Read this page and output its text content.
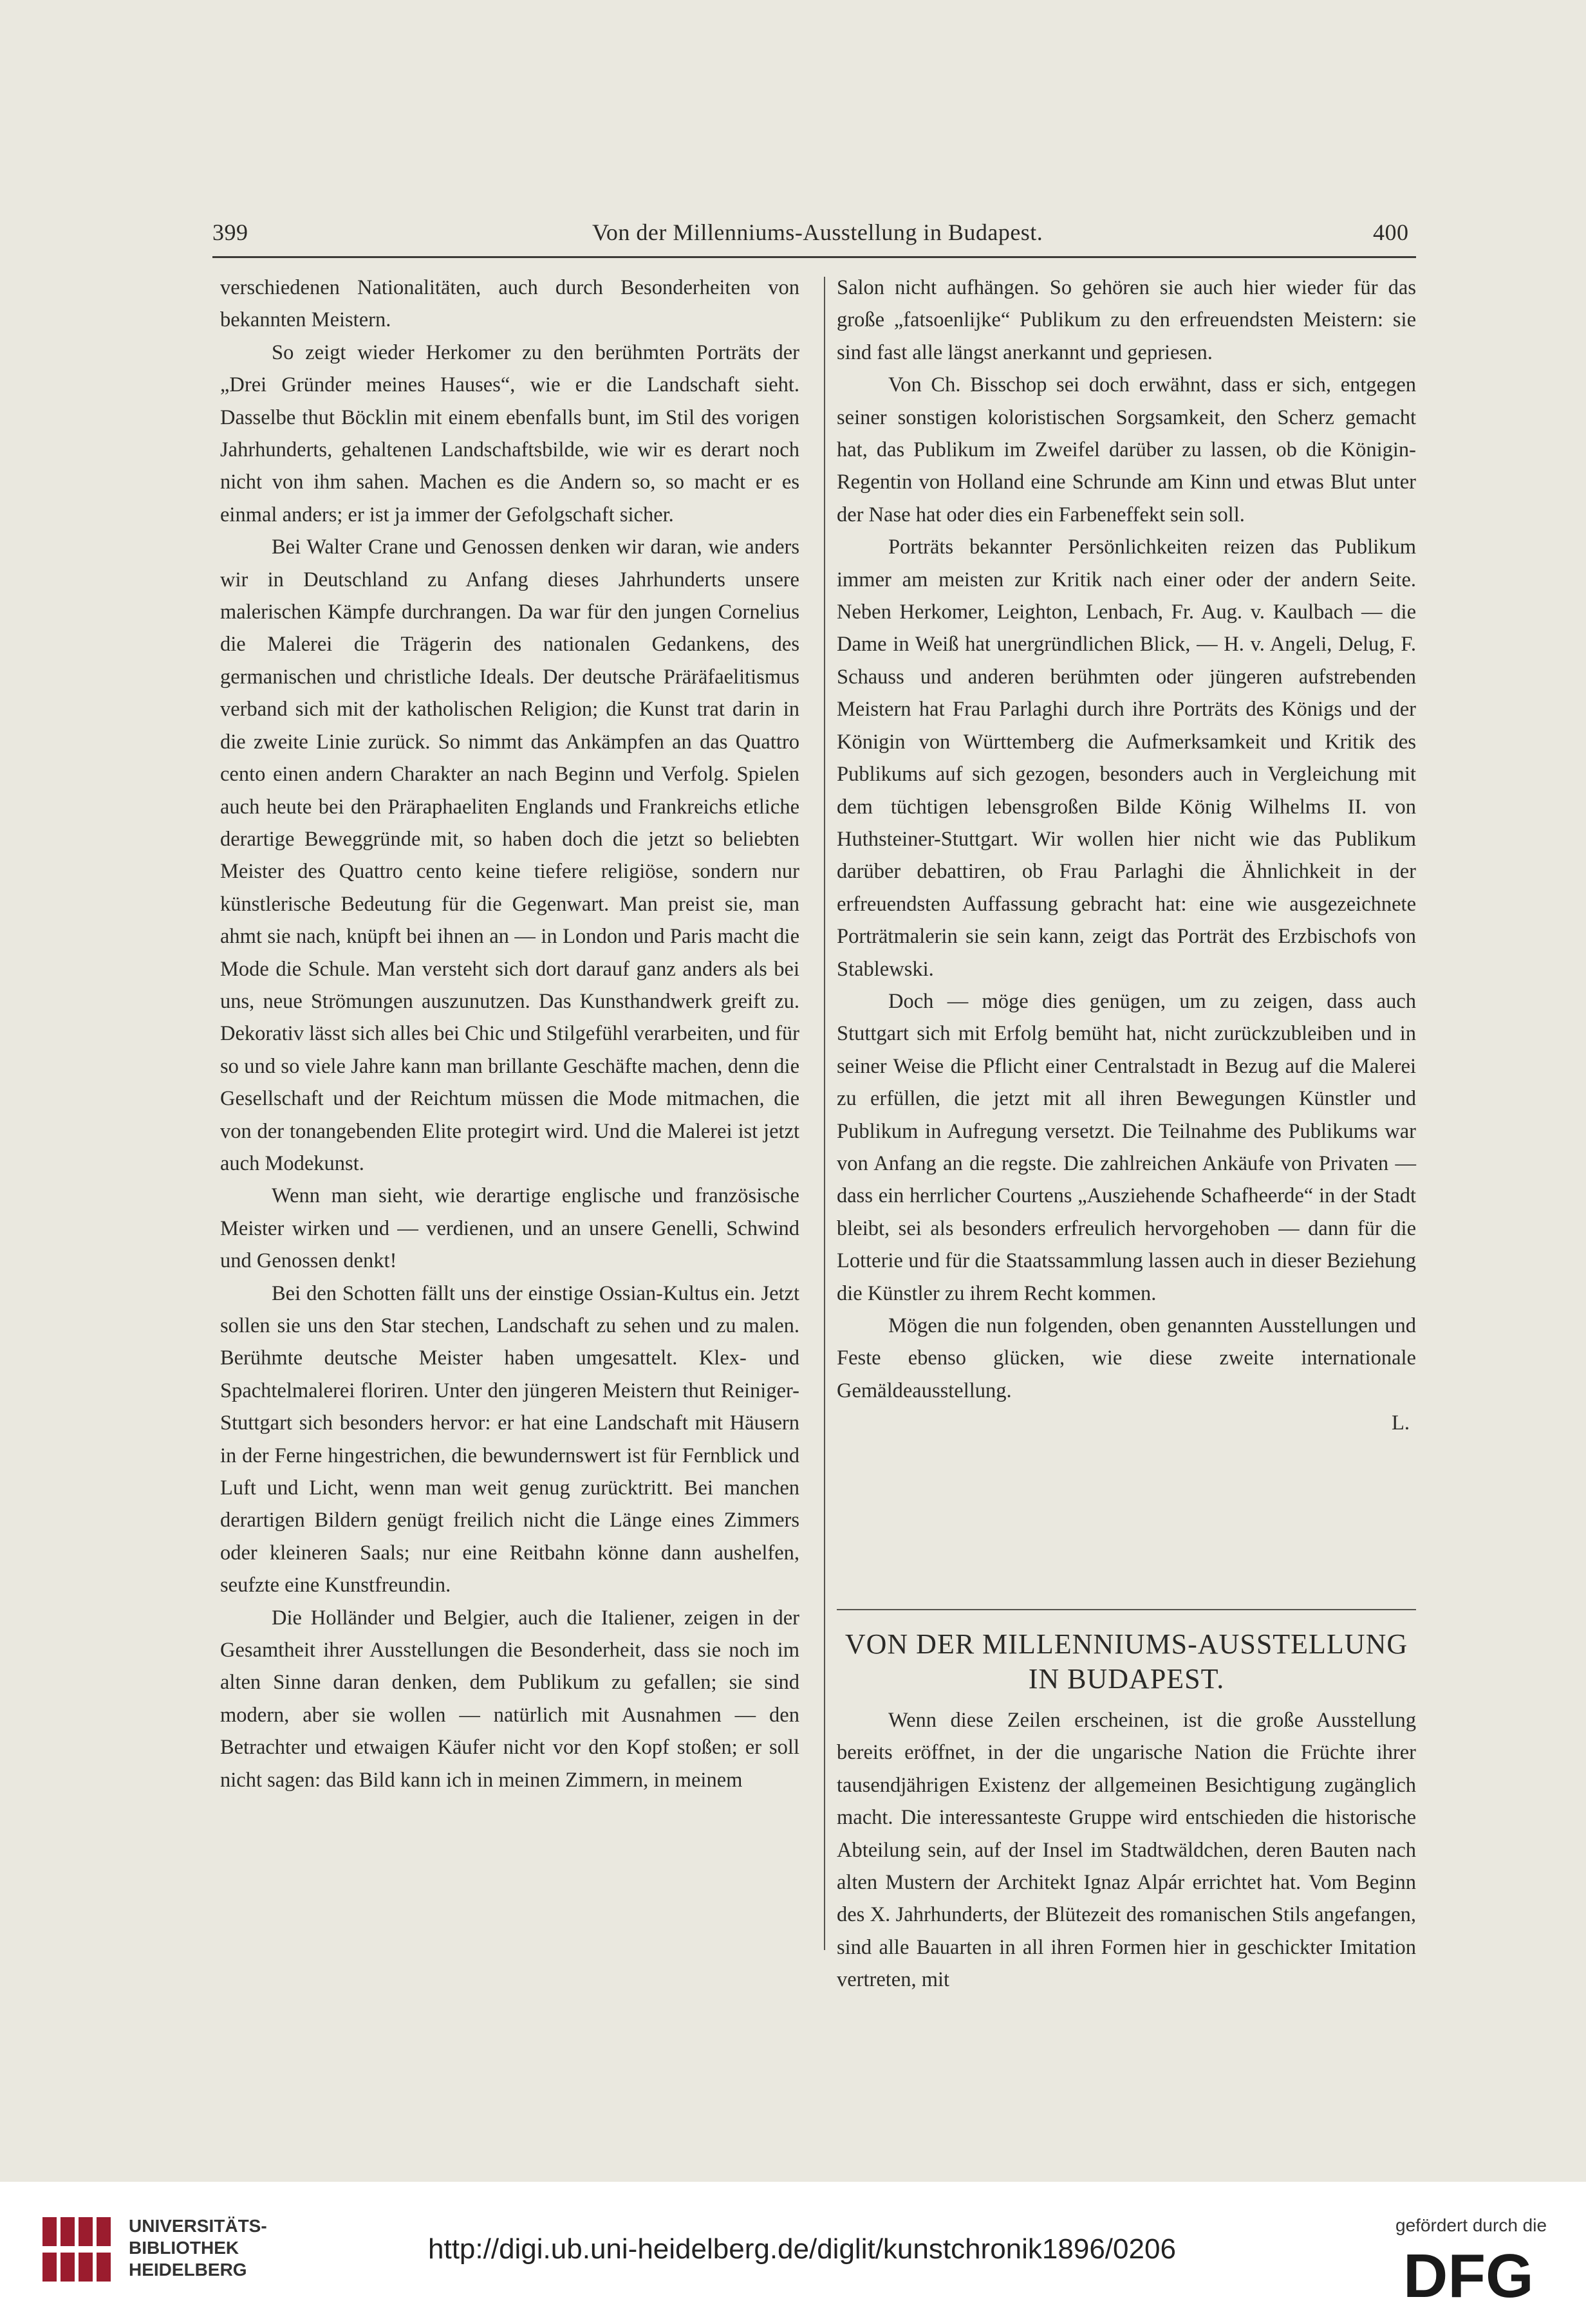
399	Von der Millenniums-Ausstellung in Budapest.	400

verschiedenen Nationalitäten, auch durch Besonderheiten von bekannten Meistern.

So zeigt wieder Herkomer zu den berühmten Porträts der „Drei Gründer meines Hauses“, wie er die Landschaft sieht. Dasselbe thut Böcklin mit einem ebenfalls bunt, im Stil des vorigen Jahrhunderts, gehaltenen Landschaftsbilde, wie wir es derart noch nicht von ihm sahen. Machen es die Andern so, so macht er es einmal anders; er ist ja immer der Gefolgschaft sicher.

Bei Walter Crane und Genossen denken wir daran, wie anders wir in Deutschland zu Anfang dieses Jahrhunderts unsere malerischen Kämpfe durchrangen. Da war für den jungen Cornelius die Malerei die Trägerin des nationalen Gedankens, des germanischen und christliche Ideals. Der deutsche Präräfaelitismus verband sich mit der katholischen Religion; die Kunst trat darin in die zweite Linie zurück. So nimmt das Ankämpfen an das Quattro cento einen andern Charakter an nach Beginn und Verfolg. Spielen auch heute bei den Präraphaeliten Englands und Frankreichs etliche derartige Beweggründe mit, so haben doch die jetzt so beliebten Meister des Quattro cento keine tiefere religiöse, sondern nur künstlerische Bedeutung für die Gegenwart. Man preist sie, man ahmt sie nach, knüpft bei ihnen an — in London und Paris macht die Mode die Schule. Man versteht sich dort darauf ganz anders als bei uns, neue Strömungen auszunutzen. Das Kunsthandwerk greift zu. Dekorativ lässt sich alles bei Chic und Stilgefühl verarbeiten, und für so und so viele Jahre kann man brillante Geschäfte machen, denn die Gesellschaft und der Reichtum müssen die Mode mitmachen, die von der tonangebenden Elite protegirt wird. Und die Malerei ist jetzt auch Modekunst.

Wenn man sieht, wie derartige englische und französische Meister wirken und — verdienen, und an unsere Genelli, Schwind und Genossen denkt!

Bei den Schotten fällt uns der einstige Ossian-Kultus ein. Jetzt sollen sie uns den Star stechen, Landschaft zu sehen und zu malen. Berühmte deutsche Meister haben umgesattelt. Klex- und Spachtelmalerei floriren. Unter den jüngeren Meistern thut Reiniger-Stuttgart sich besonders hervor: er hat eine Landschaft mit Häusern in der Ferne hingestrichen, die bewundernswert ist für Fernblick und Luft und Licht, wenn man weit genug zurücktritt. Bei manchen derartigen Bildern genügt freilich nicht die Länge eines Zimmers oder kleineren Saals; nur eine Reitbahn könne dann aushelfen, seufzte eine Kunstfreundin.

Die Holländer und Belgier, auch die Italiener, zeigen in der Gesamtheit ihrer Ausstellungen die Besonderheit, dass sie noch im alten Sinne daran denken, dem Publikum zu gefallen; sie sind modern, aber sie wollen — natürlich mit Ausnahmen — den Betrachter und etwaigen Käufer nicht vor den Kopf stoßen; er soll nicht sagen: das Bild kann ich in meinen Zimmern, in meinem

Salon nicht aufhängen. So gehören sie auch hier wieder für das große „fatsoenlijke“ Publikum zu den erfreuendsten Meistern: sie sind fast alle längst anerkannt und gepriesen.

Von Ch. Bisschop sei doch erwähnt, dass er sich, entgegen seiner sonstigen koloristischen Sorgsamkeit, den Scherz gemacht hat, das Publikum im Zweifel darüber zu lassen, ob die Königin-Regentin von Holland eine Schrunde am Kinn und etwas Blut unter der Nase hat oder dies ein Farbeneffekt sein soll.

Porträts bekannter Persönlichkeiten reizen das Publikum immer am meisten zur Kritik nach einer oder der andern Seite. Neben Herkomer, Leighton, Lenbach, Fr. Aug. v. Kaulbach — die Dame in Weiß hat unergründlichen Blick, — H. v. Angeli, Delug, F. Schauss und anderen berühmten oder jüngeren aufstrebenden Meistern hat Frau Parlaghi durch ihre Porträts des Königs und der Königin von Württemberg die Aufmerksamkeit und Kritik des Publikums auf sich gezogen, besonders auch in Vergleichung mit dem tüchtigen lebensgroßen Bilde König Wilhelms II. von Huthsteiner-Stuttgart. Wir wollen hier nicht wie das Publikum darüber debattiren, ob Frau Parlaghi die Ähnlichkeit in der erfreuendsten Auffassung gebracht hat: eine wie ausgezeichnete Porträtmalerin sie sein kann, zeigt das Porträt des Erzbischofs von Stablewski.

Doch — möge dies genügen, um zu zeigen, dass auch Stuttgart sich mit Erfolg bemüht hat, nicht zurückzubleiben und in seiner Weise die Pflicht einer Centralstadt in Bezug auf die Malerei zu erfüllen, die jetzt mit all ihren Bewegungen Künstler und Publikum in Aufregung versetzt. Die Teilnahme des Publikums war von Anfang an die regste. Die zahlreichen Ankäufe von Privaten — dass ein herrlicher Courtens „Ausziehende Schafheerde“ in der Stadt bleibt, sei als besonders erfreulich hervorgehoben — dann für die Lotterie und für die Staatssammlung lassen auch in dieser Beziehung die Künstler zu ihrem Recht kommen.

Mögen die nun folgenden, oben genannten Ausstellungen und Feste ebenso glücken, wie diese zweite internationale Gemäldeausstellung.

L.
VON DER MILLENNIUMS-AUSSTELLUNG
IN BUDAPEST.

Wenn diese Zeilen erscheinen, ist die große Ausstellung bereits eröffnet, in der die ungarische Nation die Früchte ihrer tausendjährigen Existenz der allgemeinen Besichtigung zugänglich macht. Die interessanteste Gruppe wird entschieden die historische Abteilung sein, auf der Insel im Stadtwäldchen, deren Bauten nach alten Mustern der Architekt Ignaz Alpár errichtet hat. Vom Beginn des X. Jahrhunderts, der Blütezeit des romanischen Stils angefangen, sind alle Bauarten in all ihren Formen hier in geschickter Imitation vertreten, mit

UNIVERSITÄTS-
BIBLIOTHEK
HEIDELBERG
http://digi.ub.uni-heidelberg.de/diglit/kunstchronik1896/0206
gefördert durch die
DFG
